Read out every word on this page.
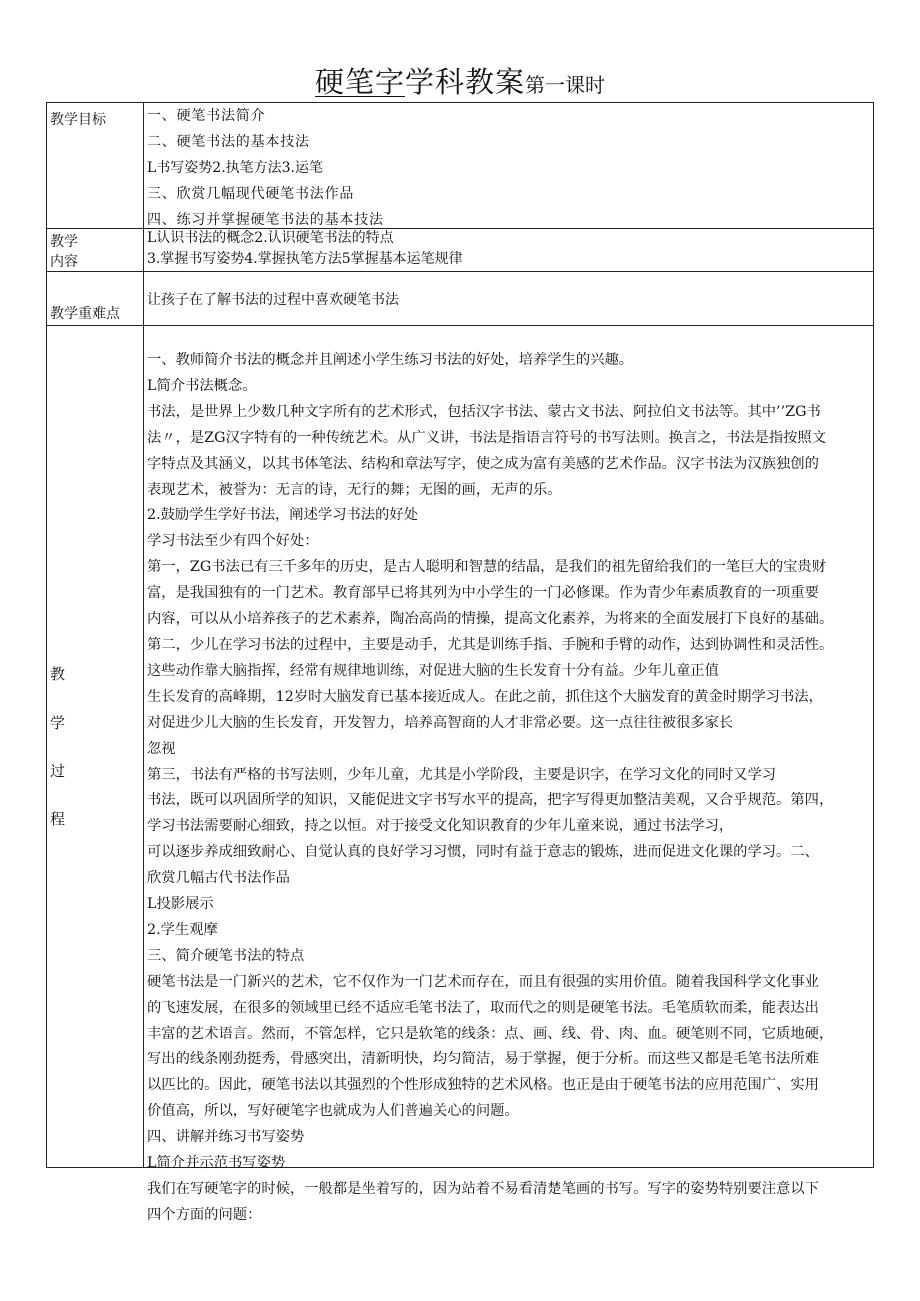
硬笔字学科教案第一课时
教学目标	一、硬笔书法简介
二、硬笔书法的基本技法
L书写姿势2.执笔方法3.运笔
三、欣赏几幅现代硬笔书法作品
四、练习并掌握硬笔书法的基本技法
教学
内容
L认识书法的概念2.认识硬笔书法的特点
3.掌握书写姿势4.掌握执笔方法5掌握基本运笔规律
教学重难点
让孩子在了解书法的过程中喜欢硬笔书法
教
学
过
程
一、教师简介书法的概念并且阐述小学生练习书法的好处，培养学生的兴趣。
L简介书法概念。
书法，是世界上少数几种文字所有的艺术形式，包括汉字书法、蒙古文书法、阿拉伯文书法等。其中’’ZG书
法〃，是ZG汉字特有的一种传统艺术。从广义讲，书法是指语言符号的书写法则。换言之，书法是指按照文
字特点及其涵义，以其书体笔法、结构和章法写字，使之成为富有美感的艺术作品。汉字书法为汉族独创的
表现艺术，被誉为：无言的诗，无行的舞；无图的画，无声的乐。
2.鼓励学生学好书法，阐述学习书法的好处
学习书法至少有四个好处：
第一，ZG书法已有三千多年的历史，是古人聪明和智慧的结晶，是我们的祖先留给我们的一笔巨大的宝贵财
富，是我国独有的一门艺术。教育部早已将其列为中小学生的一门必修课。作为青少年素质教育的一项重要
内容，可以从小培养孩子的艺术素养，陶冶高尚的情操，提高文化素养，为将来的全面发展打下良好的基础。
第二，少儿在学习书法的过程中，主要是动手，尤其是训练手指、手腕和手臂的动作，达到协调性和灵活性。
这些动作靠大脑指挥，经常有规律地训练，对促进大脑的生长发育十分有益。少年儿童正值
生长发育的高峰期，12岁时大脑发育已基本接近成人。在此之前，抓住这个大脑发育的黄金时期学习书法，
对促进少儿大脑的生长发育，开发智力，培养高智商的人才非常必要。这一点往往被很多家长
忽视
第三，书法有严格的书写法则，少年儿童，尤其是小学阶段，主要是识字，在学习文化的同时又学习
书法，既可以巩固所学的知识，又能促进文字书写水平的提高，把字写得更加整洁美观，又合乎规范。第四，
学习书法需要耐心细致，持之以恒。对于接受文化知识教育的少年儿童来说，通过书法学习，
可以逐步养成细致耐心、自觉认真的良好学习习惯，同时有益于意志的锻炼，进而促进文化课的学习。二、
欣赏几幅古代书法作品
L投影展示
2.学生观摩
三、简介硬笔书法的特点
硬笔书法是一门新兴的艺术，它不仅作为一门艺术而存在，而且有很强的实用价值。随着我国科学文化事业
的飞速发展，在很多的领域里已经不适应毛笔书法了，取而代之的则是硬笔书法。毛笔质软而柔，能表达出
丰富的艺术语言。然而，不管怎样，它只是软笔的线条：点、画、线、骨、肉、血。硬笔则不同，它质地硬，
写出的线条刚劲挺秀，骨感突出，清新明快，均匀简洁，易于掌握，便于分析。而这些又都是毛笔书法所难
以匹比的。因此，硬笔书法以其强烈的个性形成独特的艺术风格。也正是由于硬笔书法的应用范围广、实用
价值高，所以，写好硬笔字也就成为人们普遍关心的问题。
四、讲解并练习书写姿势
L简介并示范书写姿势
我们在写硬笔字的时候，一般都是坐着写的，因为站着不易看清楚笔画的书写。写字的姿势特别要注意以下
四个方面的问题：
